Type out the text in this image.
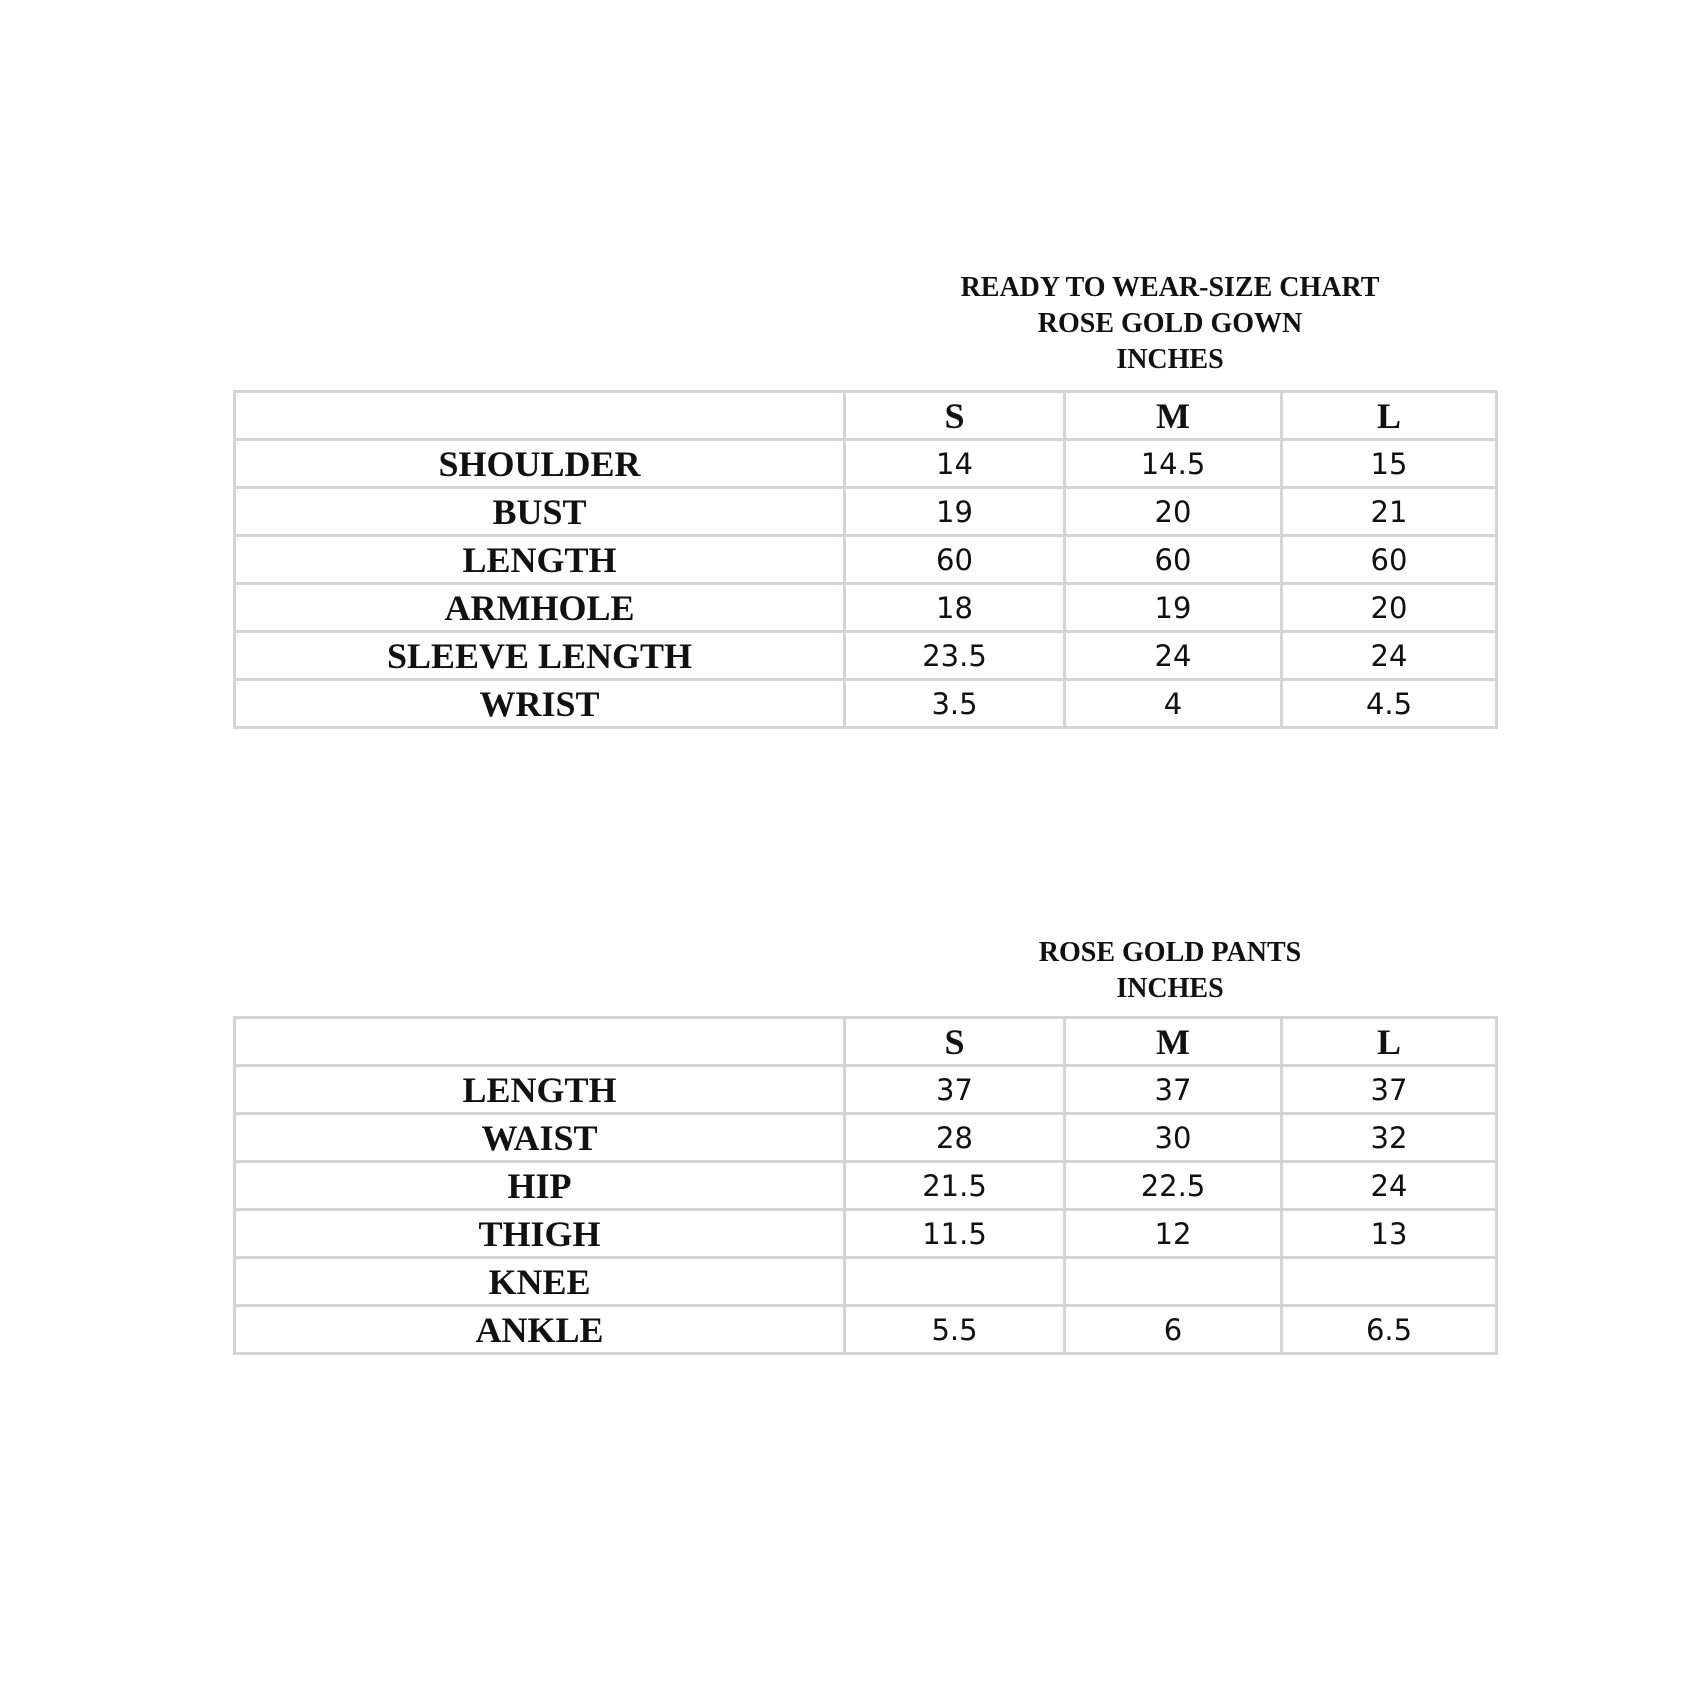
READY TO WEAR-SIZE CHART
ROSE GOLD GOWN
INCHES
	S	M	L
SHOULDER	14	14.5	15
BUST	19	20	21
LENGTH	60	60	60
ARMHOLE	18	19	20
SLEEVE LENGTH	23.5	24	24
WRIST	3.5	4	4.5
ROSE GOLD PANTS
INCHES
	S	M	L
LENGTH	37	37	37
WAIST	28	30	32
HIP	21.5	22.5	24
THIGH	11.5	12	13
KNEE			
ANKLE	5.5	6	6.5
